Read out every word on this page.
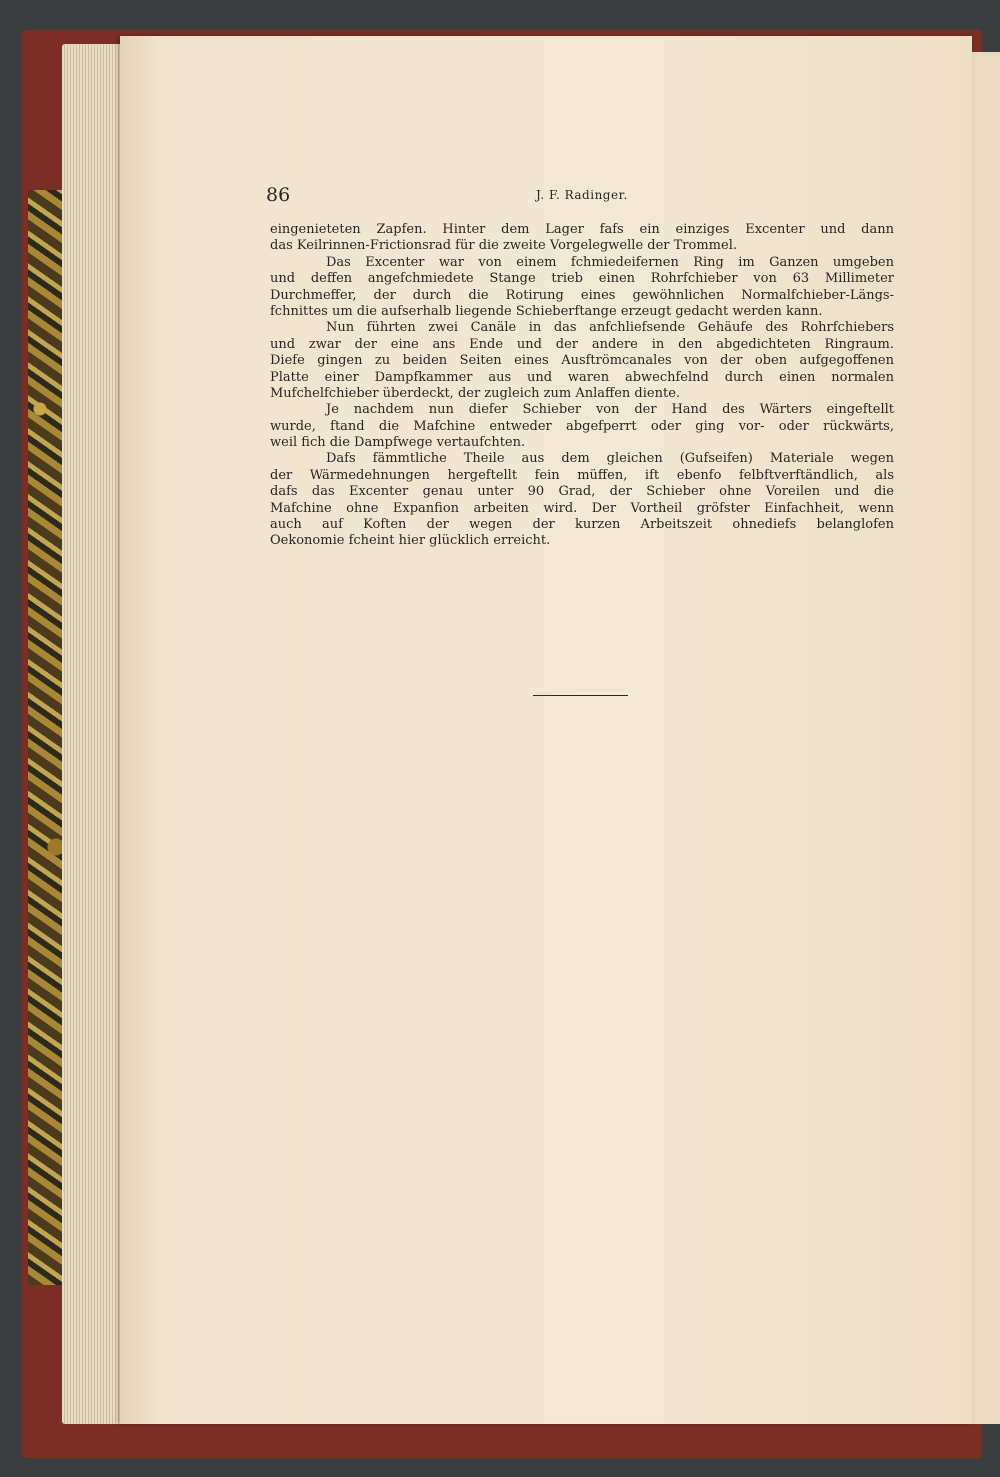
86	J. F. Radinger.
eingenieteten Zapfen. Hinter dem Lager fafs ein einziges Excenter und dann
das Keilrinnen-Frictionsrad für die zweite Vorgelegwelle der Trommel.
Das Excenter war von einem fchmiedeifernen Ring im Ganzen umgeben
und deffen angefchmiedete Stange trieb einen Rohrfchieber von 63 Millimeter
Durchmeffer, der durch die Rotirung eines gewöhnlichen Normalfchieber-Längs-
fchnittes um die aufserhalb liegende Schieberftange erzeugt gedacht werden kann.
Nun führten zwei Canäle in das anfchliefsende Gehäufe des Rohrfchiebers
und zwar der eine ans Ende und der andere in den abgedichteten Ringraum.
Diefe gingen zu beiden Seiten eines Ausftrömcanales von der oben aufgegoffenen
Platte einer Dampfkammer aus und waren abwechfelnd durch einen normalen
Mufchelfchieber überdeckt, der zugleich zum Anlaffen diente.
Je nachdem nun diefer Schieber von der Hand des Wärters eingeftellt
wurde, ftand die Mafchine entweder abgefperrt oder ging vor- oder rückwärts,
weil fich die Dampfwege vertaufchten.
Dafs fämmtliche Theile aus dem gleichen (Gufseifen) Materiale wegen
der Wärmedehnungen hergeftellt fein müffen, ift ebenfo felbftverftändlich, als
dafs das Excenter genau unter 90 Grad, der Schieber ohne Voreilen und die
Mafchine ohne Expanfion arbeiten wird. Der Vortheil gröfster Einfachheit, wenn
auch auf Koften der wegen der kurzen Arbeitszeit ohnediefs belanglofen
Oekonomie fcheint hier glücklich erreicht.
